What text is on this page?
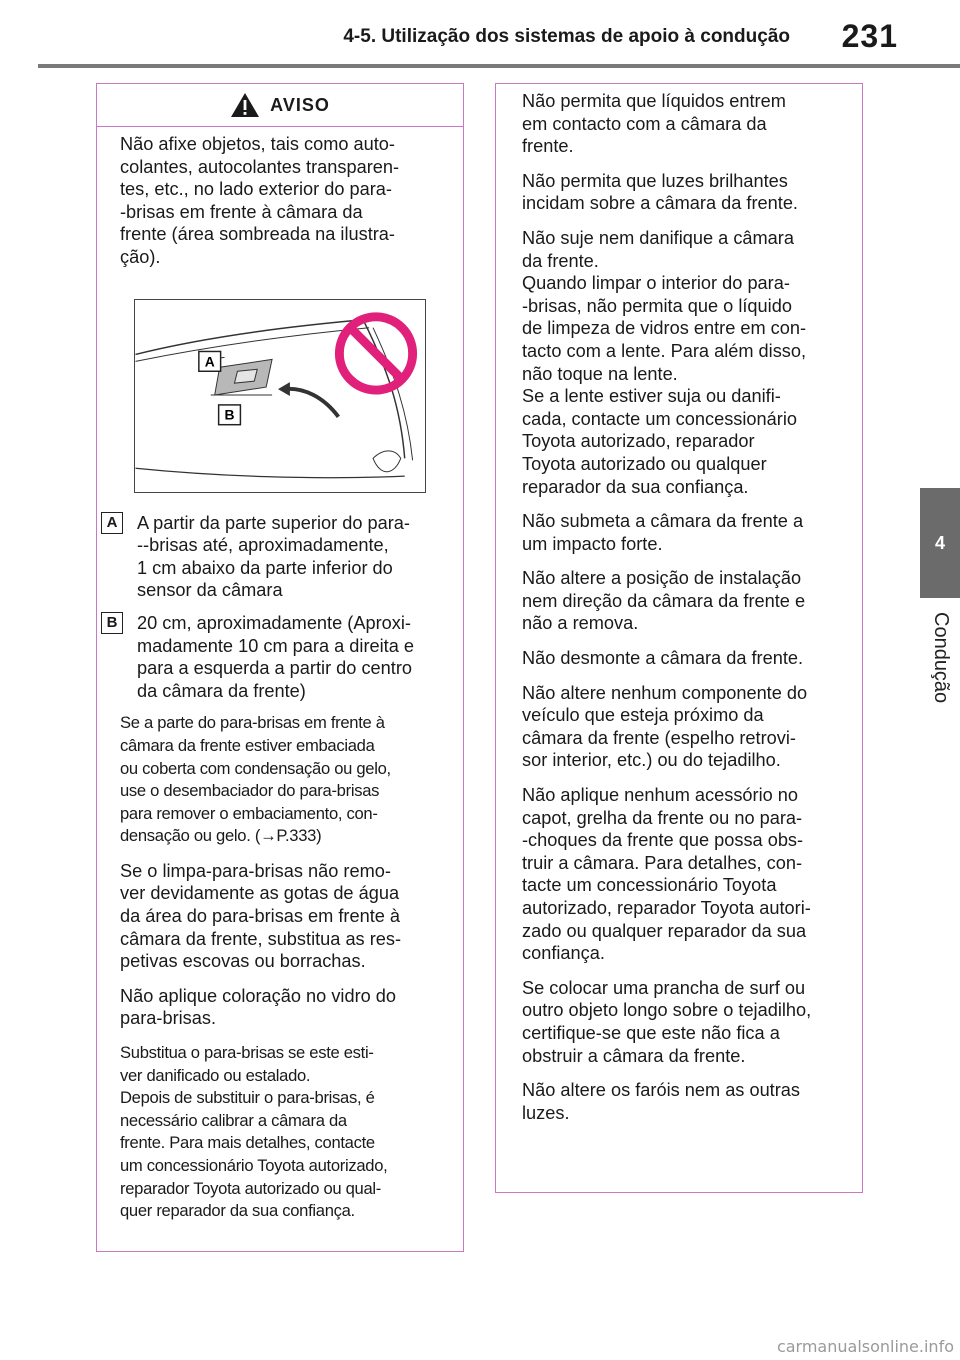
4-5. Utilização dos sistemas de apoio à condução 231
4
Condução
AVISO

Não afixe objetos, tais como auto-
colantes, autocolantes transparen-
tes, etc., no lado exterior do para-
-brisas em frente à câmara da
frente (área sombreada na ilustra-
ção).

A
B
A	A partir da parte superior do para-
--brisas até, aproximadamente,
1 cm abaixo da parte inferior do
sensor da câmara

B	20 cm, aproximadamente (Aproxi-
madamente 10 cm para a direita e
para a esquerda a partir do centro
da câmara da frente)

Se a parte do para-brisas em frente à
câmara da frente estiver embaciada
ou coberta com condensação ou gelo,
use o desembaciador do para-brisas
para remover o embaciamento, con-
densação ou gelo. (→P.333)

Se o limpa-para-brisas não remo-
ver devidamente as gotas de água
da área do para-brisas em frente à
câmara da frente, substitua as res-
petivas escovas ou borrachas.

Não aplique coloração no vidro do
para-brisas.

Substitua o para-brisas se este esti-
ver danificado ou estalado.
Depois de substituir o para-brisas, é
necessário calibrar a câmara da
frente. Para mais detalhes, contacte
um concessionário Toyota autorizado,
reparador Toyota autorizado ou qual-
quer reparador da sua confiança.

Não permita que líquidos entrem
em contacto com a câmara da
frente.

Não permita que luzes brilhantes
incidam sobre a câmara da frente.

Não suje nem danifique a câmara
da frente.
Quando limpar o interior do para-
-brisas, não permita que o líquido
de limpeza de vidros entre em con-
tacto com a lente. Para além disso,
não toque na lente.
Se a lente estiver suja ou danifi-
cada, contacte um concessionário
Toyota autorizado, reparador
Toyota autorizado ou qualquer
reparador da sua confiança.

Não submeta a câmara da frente a
um impacto forte.

Não altere a posição de instalação
nem direção da câmara da frente e
não a remova.

Não desmonte a câmara da frente.

Não altere nenhum componente do
veículo que esteja próximo da
câmara da frente (espelho retrovi-
sor interior, etc.) ou do tejadilho.

Não aplique nenhum acessório no
capot, grelha da frente ou no para-
-choques da frente que possa obs-
truir a câmara. Para detalhes, con-
tacte um concessionário Toyota
autorizado, reparador Toyota autori-
zado ou qualquer reparador da sua
confiança.

Se colocar uma prancha de surf ou
outro objeto longo sobre o tejadilho,
certifique-se que este não fica a
obstruir a câmara da frente.

Não altere os faróis nem as outras
luzes.

carmanualsonline.info
